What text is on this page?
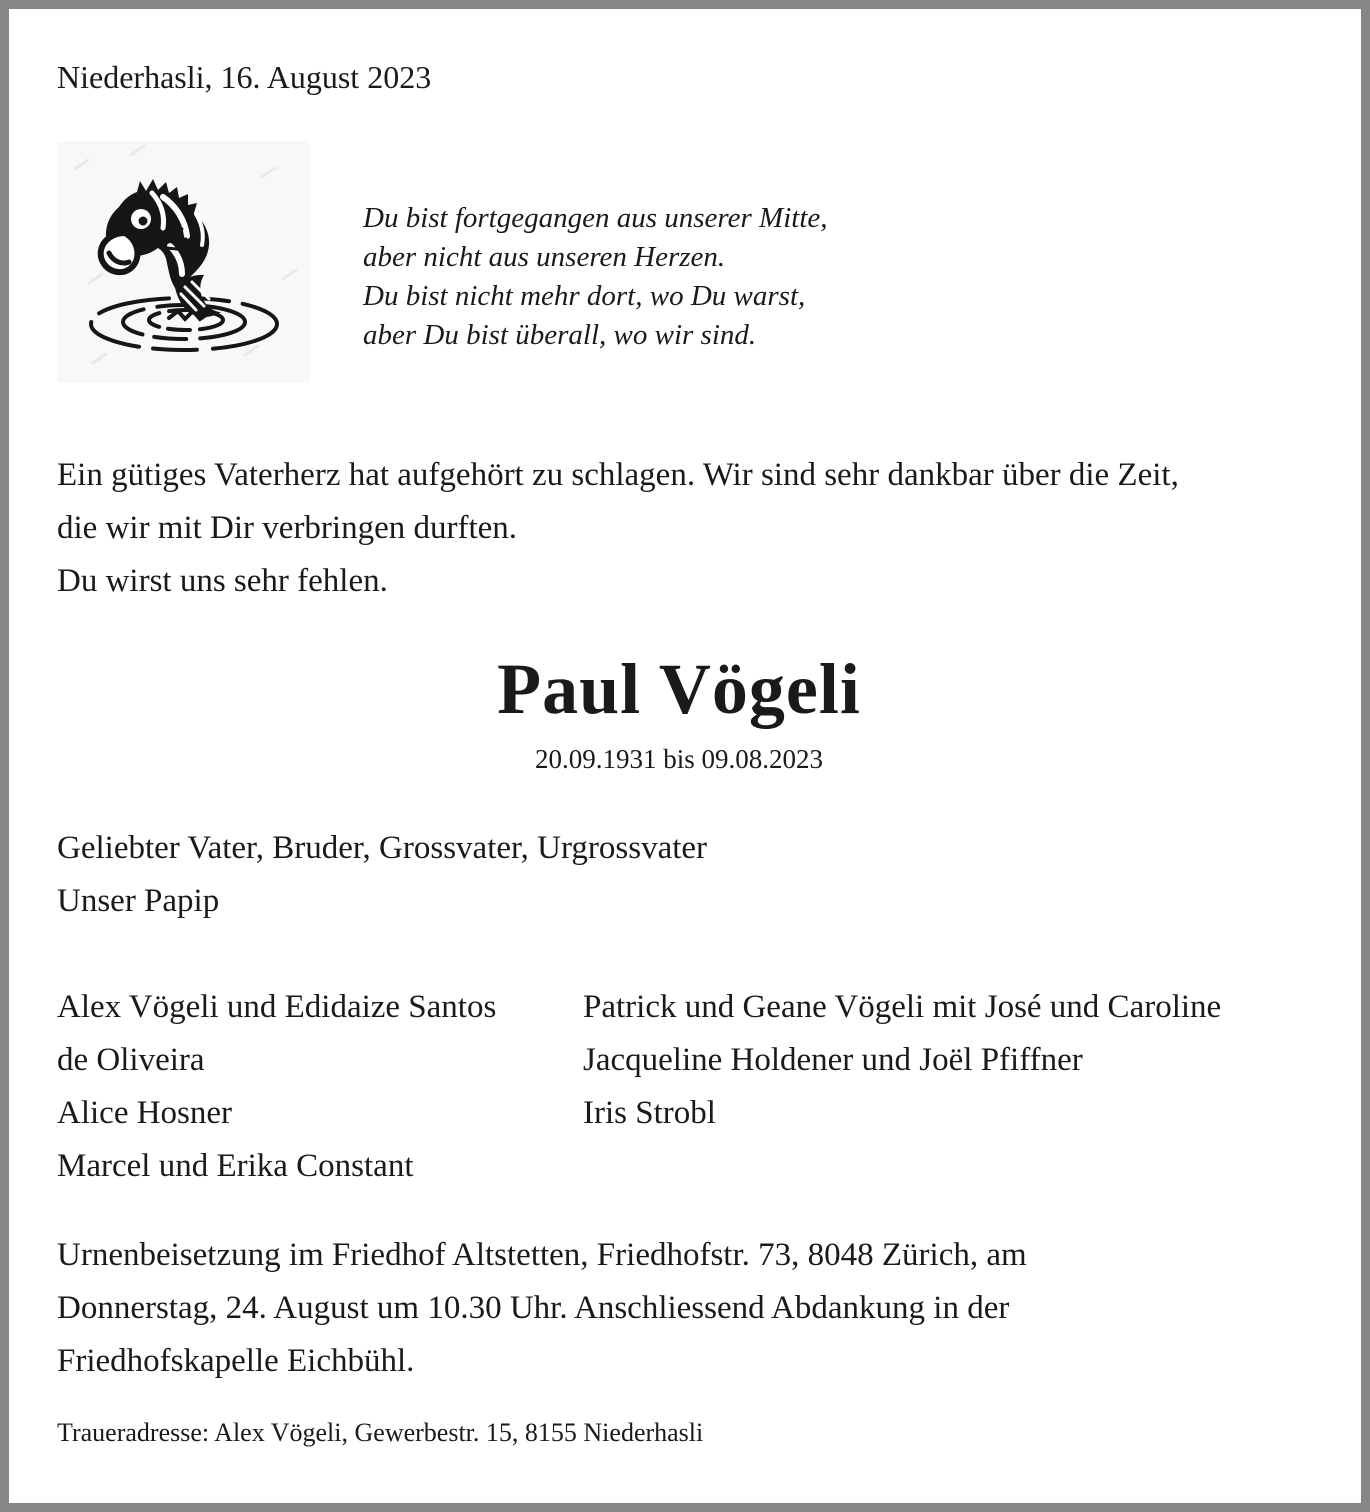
Niederhasli, 16. August 2023
Du bist fortgegangen aus unserer Mitte,
aber nicht aus unseren Herzen.
Du bist nicht mehr dort, wo Du warst,
aber Du bist überall, wo wir sind.
Ein gütiges Vaterherz hat aufgehört zu schlagen. Wir sind sehr dankbar über die Zeit,
die wir mit Dir verbringen durften.
Du wirst uns sehr fehlen.
Paul Vögeli
20.09.1931 bis 09.08.2023
Geliebter Vater, Bruder, Grossvater, Urgrossvater
Unser Papip
Alex Vögeli und Edidaize Santos
de Oliveira
Alice Hosner
Marcel und Erika Constant
Patrick und Geane Vögeli mit José und Caroline
Jacqueline Holdener und Joël Pfiffner
Iris Strobl
Urnenbeisetzung im Friedhof Altstetten, Friedhofstr. 73, 8048 Zürich, am
Donnerstag, 24. August um 10.30 Uhr. Anschliessend Abdankung in der
Friedhofskapelle Eichbühl.
Traueradresse: Alex Vögeli, Gewerbestr. 15, 8155 Niederhasli
